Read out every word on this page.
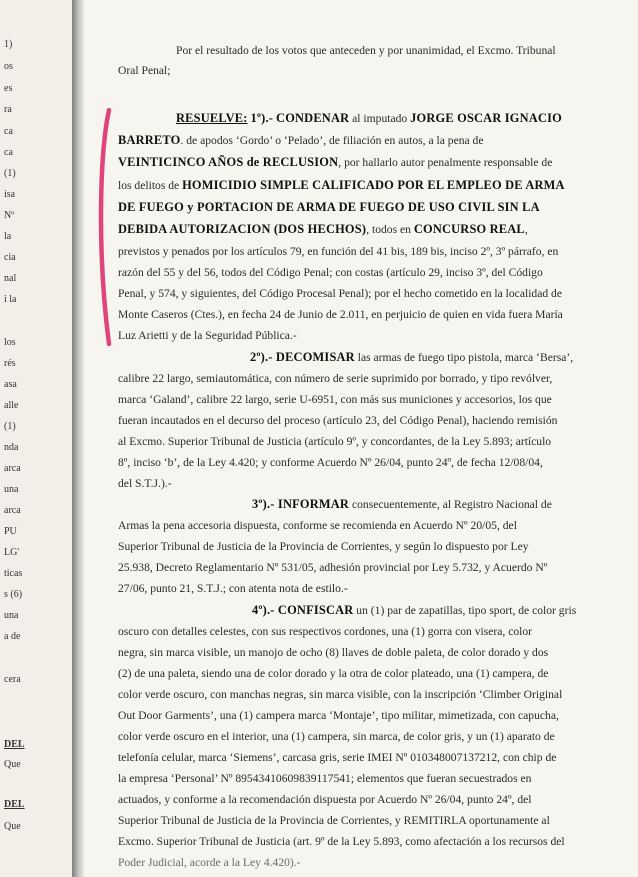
1)
os
es
ra
ca
ca
(1)
isa
Nº
la
cia
nal
i la
los
rés
asa
alle
(1)
nda
arca
una
arca
PU
LG'
ticas
s (6)
una
a de
cera
DEL
Que
DEL
Que
Por el resultado de los votos que anteceden y por unanimidad, el Excmo. Tribunal
Oral Penal;
RESUELVE: 1º).- CONDENAR al imputado JORGE OSCAR IGNACIO
BARRETO. de apodos ‘Gordo’ o ‘Pelado’, de filiación en autos, a la pena de
VEINTICINCO AÑOS de RECLUSION, por hallarlo autor penalmente responsable de
los delitos de HOMICIDIO SIMPLE CALIFICADO POR EL EMPLEO DE ARMA
DE FUEGO y PORTACION DE ARMA DE FUEGO DE USO CIVIL SIN LA
DEBIDA AUTORIZACION (DOS HECHOS), todos en CONCURSO REAL,
previstos y penados por los artículos 79, en función del 41 bis, 189 bis, inciso 2º, 3º párrafo, en
razón del 55 y del 56, todos del Código Penal; con costas (artículo 29, inciso 3º, del Código
Penal, y 574, y siguientes, del Código Procesal Penal); por el hecho cometido en la localidad de
Monte Caseros (Ctes.), en fecha 24 de Junio de 2.011, en perjuicio de quien en vida fuera María
Luz Arietti y de la Seguridad Pública.-
2º).- DECOMISAR las armas de fuego tipo pistola, marca ‘Bersa’,
calibre 22 largo, semiautomática, con número de serie suprimido por borrado, y tipo revólver,
marca ‘Galand’, calibre 22 largo, serie U-6951, con más sus municiones y accesorios, los que
fueran incautados en el decurso del proceso (artículo 23, del Código Penal), haciendo remisión
al Excmo. Superior Tribunal de Justicia (artículo 9º, y concordantes, de la Ley 5.893; artículo
8º, inciso ‘b’, de la Ley 4.420; y conforme Acuerdo Nº 26/04, punto 24º, de fecha 12/08/04,
del S.T.J.).-
3º).- INFORMAR consecuentemente, al Registro Nacional de
Armas la pena accesoria dispuesta, conforme se recomienda en Acuerdo Nº 20/05, del
Superior Tribunal de Justicia de la Provincia de Corrientes, y según lo dispuesto por Ley
25.938, Decreto Reglamentario Nº 531/05, adhesión provincial por Ley 5.732, y Acuerdo Nº
27/06, punto 21, S.T.J.; con atenta nota de estilo.-
4º).- CONFISCAR un (1) par de zapatillas, tipo sport, de color gris
oscuro con detalles celestes, con sus respectivos cordones, una (1) gorra con visera, color
negra, sin marca visible, un manojo de ocho (8) llaves de doble paleta, de color dorado y dos
(2) de una paleta, siendo una de color dorado y la otra de color plateado, una (1) campera, de
color verde oscuro, con manchas negras, sin marca visible, con la inscripción ‘Climber Original
Out Door Garments’, una (1) campera marca ‘Montaje’, tipo militar, mimetizada, con capucha,
color verde oscuro en el interior, una (1) campera, sin marca, de color gris, y un (1) aparato de
telefonía celular, marca ‘Siemens’, carcasa gris, serie IMEI Nº 010348007137212, con chip de
la empresa ‘Personal’ Nº 89543410609839117541; elementos que fueran secuestrados en
actuados, y conforme a la recomendación dispuesta por Acuerdo Nº 26/04, punto 24º, del
Superior Tribunal de Justicia de la Provincia de Corrientes, y REMITIRLA oportunamente al
Excmo. Superior Tribunal de Justicia (art. 9º de la Ley 5.893, como afectación a los recursos del
Poder Judicial, acorde a la Ley 4.420).-
